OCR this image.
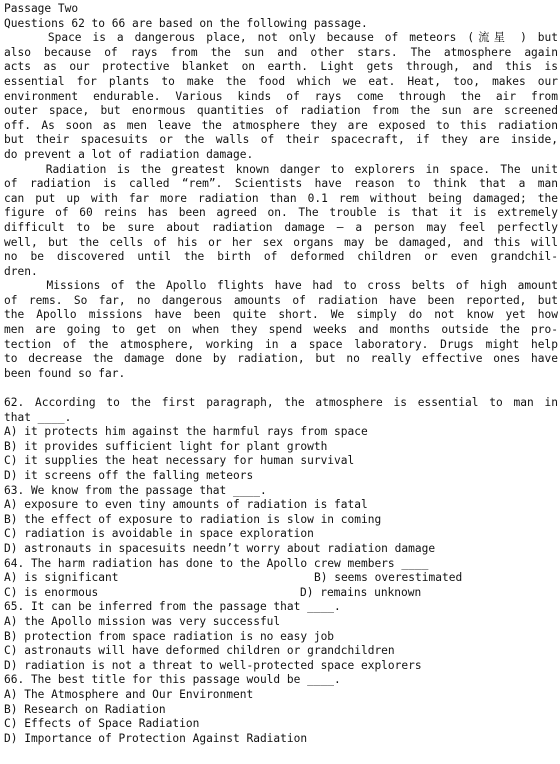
Passage Two
Questions 62 to 66 are based on the following passage.
Space is a dangerous place, not only because of meteors (流星 ) but
also because of rays from the sun and other stars. The atmosphere again
acts as our protective blanket on earth. Light gets through, and this is
essential for plants to make the food which we eat. Heat, too, makes our
environment endurable. Various kinds of rays come through the air from
outer space, but enormous quantities of radiation from the sun are screened
off. As soon as men leave the atmosphere they are exposed to this radiation
but their spacesuits or the walls of their spacecraft, if they are inside,
do prevent a lot of radiation damage.
Radiation is the greatest known danger to explorers in space. The unit
of radiation is called “rem”. Scientists have reason to think that a man
can put up with far more radiation than 0.1 rem without being damaged; the
figure of 60 reins has been agreed on. The trouble is that it is extremely
difficult to be sure about radiation damage — a person may feel perfectly
well, but the cells of his or her sex organs may be damaged, and this will
no be discovered until the birth of deformed children or even grandchil-
dren.
Missions of the Apollo flights have had to cross belts of high amount
of rems. So far, no dangerous amounts of radiation have been reported, but
the Apollo missions have been quite short. We simply do not know yet how
men are going to get on when they spend weeks and months outside the pro-
tection of the atmosphere, working in a space laboratory. Drugs might help
to decrease the damage done by radiation, but no really effective ones have
been found so far.
62. According to the first paragraph, the atmosphere is essential to man in
that ____.
A) it protects him against the harmful rays from space
B) it provides sufficient light for plant growth
C) it supplies the heat necessary for human survival
D) it screens off the falling meteors
63. We know from the passage that ____.
A) exposure to even tiny amounts of radiation is fatal
B) the effect of exposure to radiation is slow in coming
C) radiation is avoidable in space exploration
D) astronauts in spacesuits needn’t worry about radiation damage
64. The harm radiation has done to the Apollo crew members ____
A) is significant	B) seems overestimated
C) is enormous	D) remains unknown
65. It can be inferred from the passage that ____.
A) the Apollo mission was very successful
B) protection from space radiation is no easy job
C) astronauts will have deformed children or grandchildren
D) radiation is not a threat to well-protected space explorers
66. The best title for this passage would be ____.
A) The Atmosphere and Our Environment
B) Research on Radiation
C) Effects of Space Radiation
D) Importance of Protection Against Radiation
